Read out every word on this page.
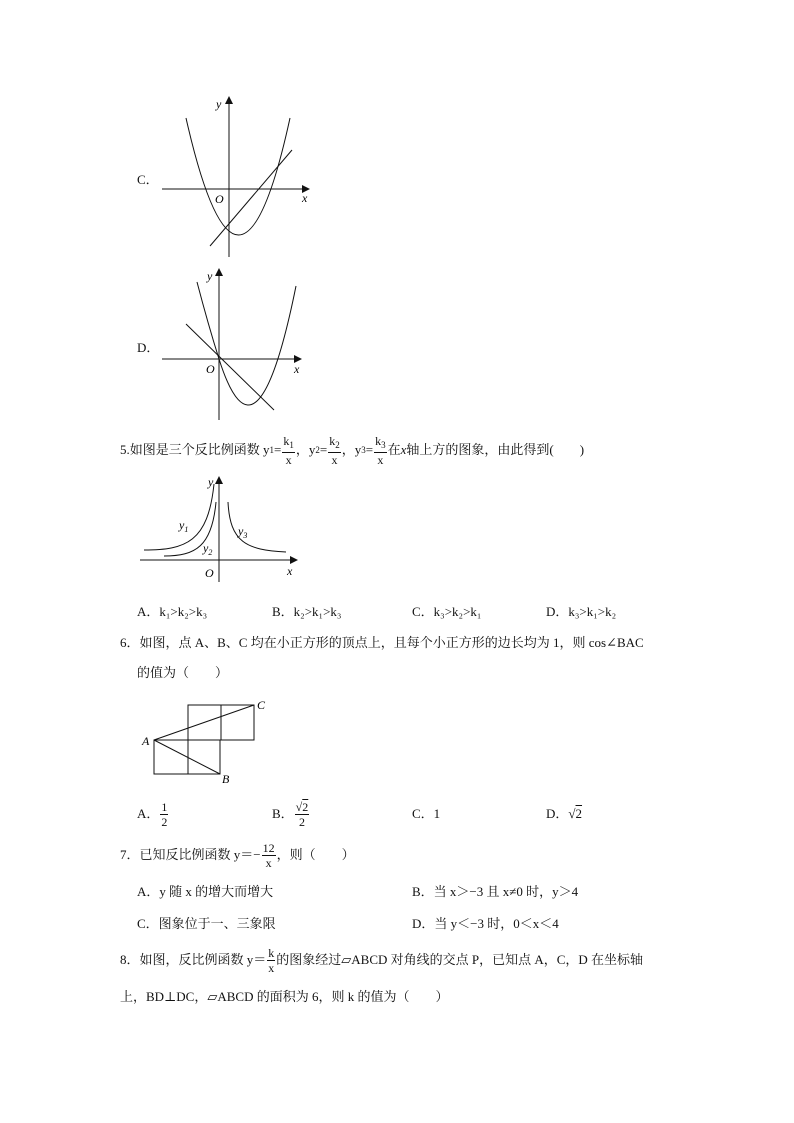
C．
y
x
O
D．
y
x
O
5. 如图是三个反比例函数 y $1 = \frac{k_1}{x}$ ， y $2 = \frac{k_2}{x}$ ， y $3 = \frac{k_3}{x}$ 在 x 轴上方的图象，由此得到(　　)
y
x
O
$y_1$
$y_2$
$y_3$
A．k₁>k₂>k₃	B．k₂>k₁>k₃	C．k₃>k₂>k₁	D．k₃>k₁>k₂
6．如图，点 A、B、C 均在小正方形的顶点上，且每个小正方形的边长均为 1，则 cos∠BAC
的值为（　　）
A
B
C
A． $\frac{1}{2}$	B． $\frac{√2}{2}$	C．1	D．√2
7．已知反比例函数 $y=- \frac{12}{x}$ ，则（　　）
A．y 随 x 的增大而增大	B．当 x＞−3 且 x≠0 时，y＞4
C．图象位于一、三象限	D．当 y＜−3 时，0＜x＜4
8．如图，反比例函数 $y= \frac{k}{x}$ 的图象经过▱ABCD 对角线的交点 P，已知点 A，C，D 在坐标轴
上，BD⊥DC，▱ABCD 的面积为 6，则 k 的值为（　　）
